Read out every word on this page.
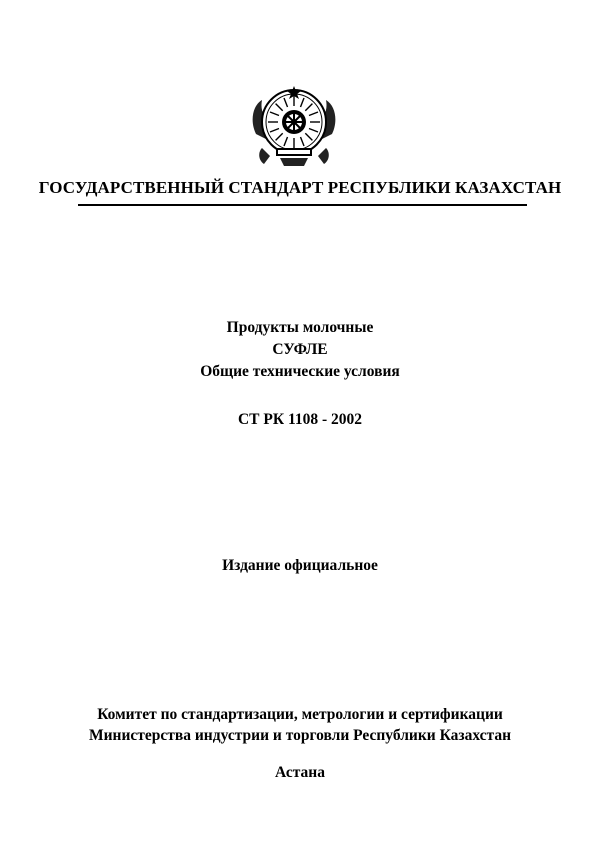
ГОСУДАРСТВЕННЫЙ СТАНДАРТ РЕСПУБЛИКИ КАЗАХСТАН
Продукты молочные
СУФЛЕ
Общие технические условия
СТ РК 1108 - 2002
Издание официальное
Комитет по стандартизации, метрологии и сертификации
Министерства индустрии и торговли Республики Казахстан
Астана
